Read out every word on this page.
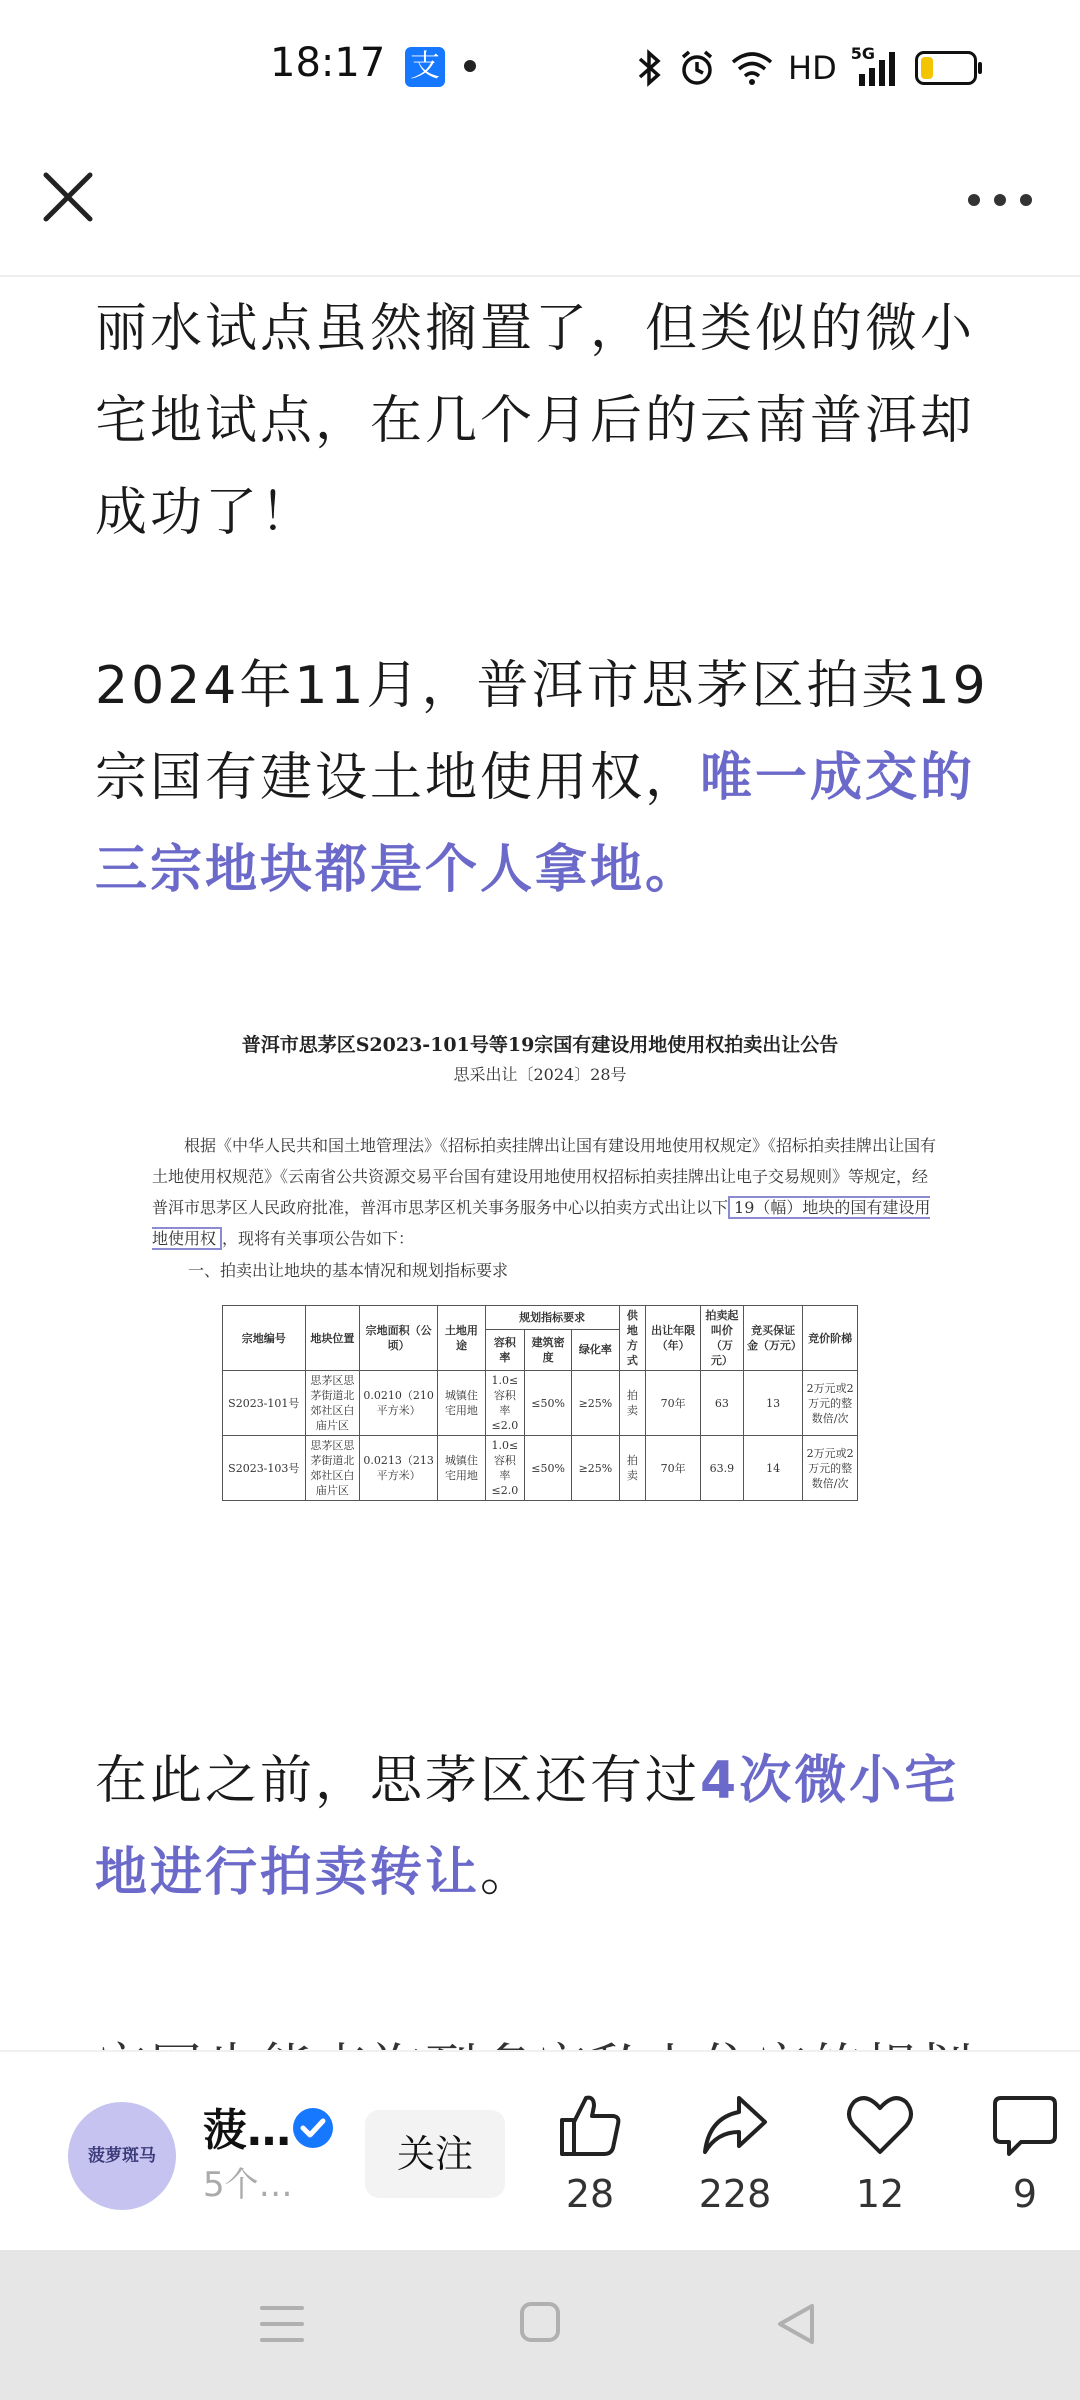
18:17 支	HD 5G

丽水试点虽然搁置了，但类似的微小宅地试点，在几个月后的云南普洱却成功了！

2024年11月，普洱市思茅区拍卖19宗国有建设土地使用权，唯一成交的三宗地块都是个人拿地。

在此之前，思茅区还有过4次微小宅地进行拍卖转让。

普洱市思茅区S2023-101号等19宗国有建设用地使用权拍卖出让公告
思采出让〔2024〕28号
根据《中华人民共和国土地管理法》《招标拍卖挂牌出让国有建设用地使用权规定》《招标拍卖挂牌出让国有土地使用权规范》《云南省公共资源交易平台国有建设用地使用权招标拍卖挂牌出让电子交易规则》等规定，经普洱市思茅区人民政府批准，普洱市思茅区机关事务服务中心以拍卖方式出让以下 19（幅）地块的国有建设用地使用权 ，现将有关事项公告如下：
一、拍卖出让地块的基本情况和规划指标要求
宗地编号	地块位置	宗地面积（公顷）	土地用途	规划指标要求			供地方式	出让年限（年）	拍卖起叫价（万元）	竞买保证金（万元）	竞价阶梯
				容积率	建筑密度	绿化率					
S2023-101号	思茅区思茅街道北郊社区白庙片区	0.0210（210平方米）	城镇住宅用地	1.0≤容积率≤2.0	≤50%	≥25%	拍卖	70年	63	13	2万元或2万元的整数倍/次
S2023-103号	思茅区思茅街道北郊社区白庙片区	0.0213（213平方米）	城镇住宅用地	1.0≤容积率≤2.0	≤50%	≥25%	拍卖	70年	63.9	14	2万元或2万元的整数倍/次
菠萝斑马	菠…
5个…
关注
28	228	12	9
